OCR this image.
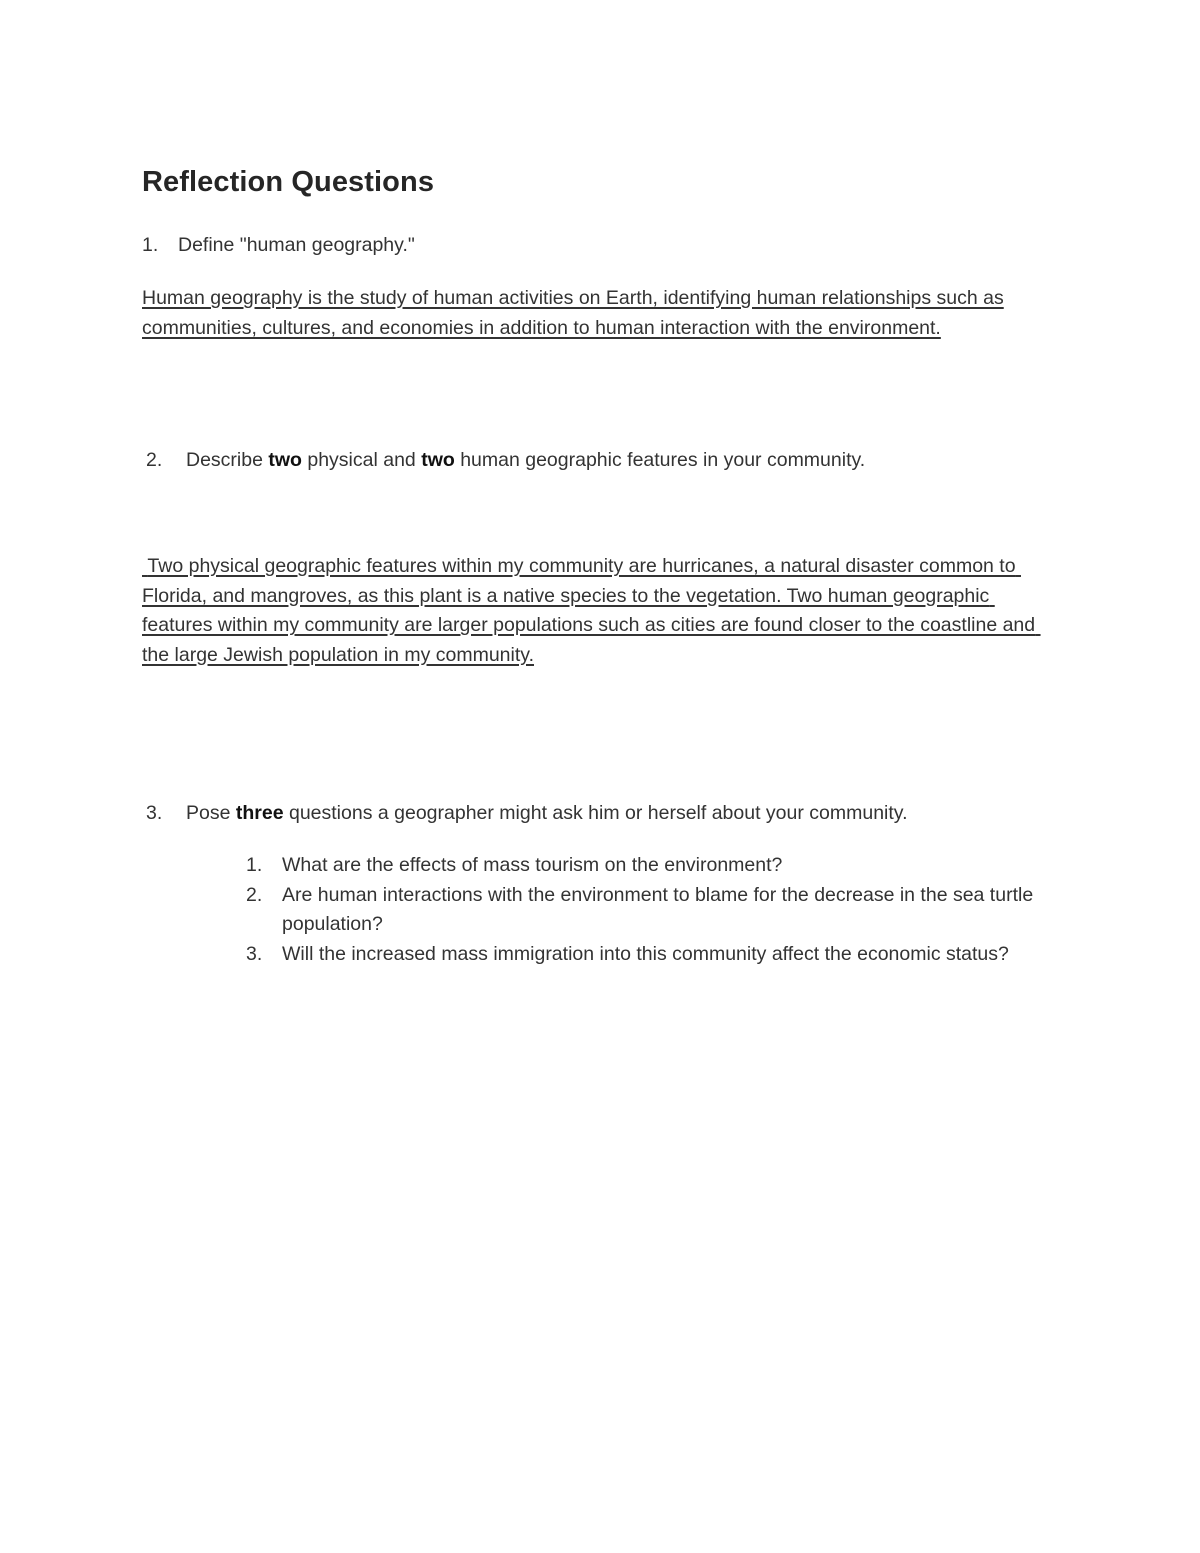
Reflection Questions
1. Define "human geography."
Human geography is the study of human activities on Earth, identifying human relationships such as communities, cultures, and economies in addition to human interaction with the environment.
2. Describe two physical and two human geographic features in your community.
Two physical geographic features within my community are hurricanes, a natural disaster common to Florida, and mangroves, as this plant is a native species to the vegetation. Two human geographic features within my community are larger populations such as cities are found closer to the coastline and the large Jewish population in my community.
3. Pose three questions a geographer might ask him or herself about your community.
1. What are the effects of mass tourism on the environment?
2. Are human interactions with the environment to blame for the decrease in the sea turtle population?
3. Will the increased mass immigration into this community affect the economic status?
